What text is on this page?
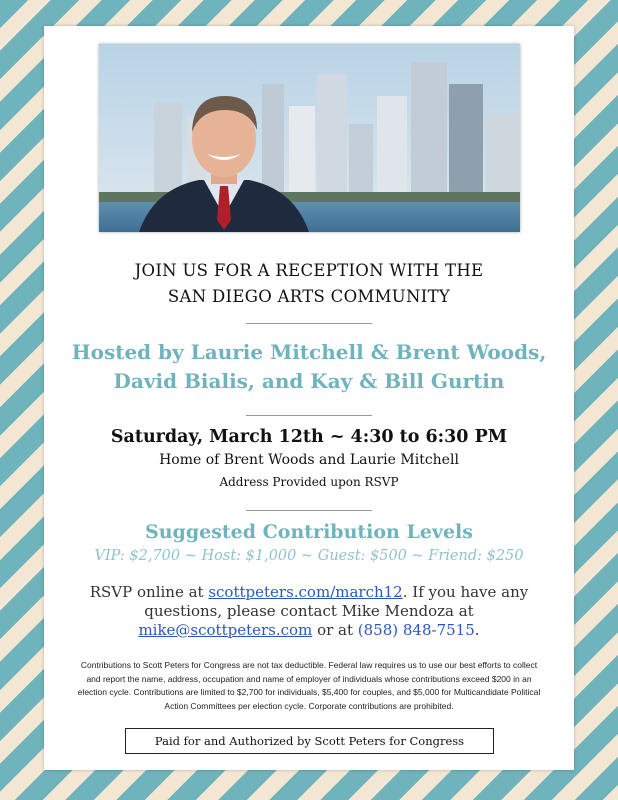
JOIN US FOR A RECEPTION WITH THE
SAN DIEGO ARTS COMMUNITY
Hosted by Laurie Mitchell & Brent Woods,
David Bialis, and Kay & Bill Gurtin
Saturday, March 12th ~ 4:30 to 6:30 PM
Home of Brent Woods and Laurie Mitchell
Address Provided upon RSVP
Suggested Contribution Levels
VIP: $2,700 ~ Host: $1,000 ~ Guest: $500 ~ Friend: $250
RSVP online at scottpeters.com/march12. If you have any questions, please contact Mike Mendoza at mike@scottpeters.com or at (858) 848-7515.
Contributions to Scott Peters for Congress are not tax deductible. Federal law requires us to use our best efforts to collect and report the name, address, occupation and name of employer of individuals whose contributions exceed $200 in an election cycle. Contributions are limited to $2,700 for individuals, $5,400 for couples, and $5,000 for Multicandidate Political Action Committees per election cycle. Corporate contributions are prohibited.
Paid for and Authorized by Scott Peters for Congress
